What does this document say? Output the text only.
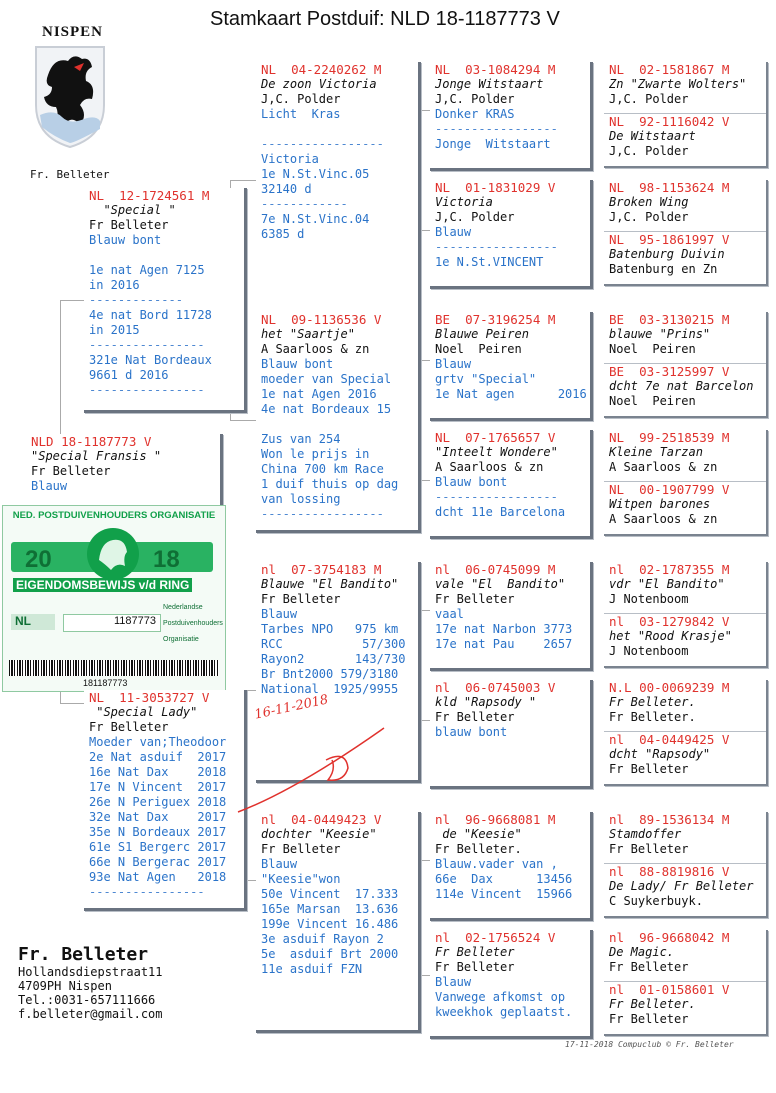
Stamkaart Postduif: NLD 18-1187773 V
NISPEN
Fr. Belleter
NLD 18-1187773 V
"Special Fransis "
Fr Belleter
Blauw
NED. POSTDUIVENHOUDERS ORGANISATIE
20	18
EIGENDOMSBEWIJS v/d RING
NL	1187773
Nederlandse
Postduivenhouders
Organisatie
181187773
NL  12-1724561 M
"Special "
Fr Belleter
Blauw bont
1e nat Agen 7125
in 2016
-------------
4e nat Bord 11728
in 2015
----------------
321e Nat Bordeaux
9661 d 2016
----------------
NL  11-3053727 V
"Special Lady"
Fr Belleter
Moeder van;Theodoor
2e Nat asduif  2017
16e Nat Dax    2018
17e N Vincent  2017
26e N Periguex 2018
32e Nat Dax    2017
35e N Bordeaux 2017
61e S1 Bergerc 2017
66e N Bergerac 2017
93e Nat Agen   2018
----------------
NL  04-2240262 M
De zoon Victoria
J,C. Polder
Licht  Kras
-----------------
Victoria
1e N.St.Vinc.05
32140 d
------------
7e N.St.Vinc.04
6385 d
NL  09-1136536 V
het "Saartje"
A Saarloos & zn
Blauw bont
moeder van Special
1e nat Agen 2016
4e nat Bordeaux 15
Zus van 254
Won le prijs in
China 700 km Race
1 duif thuis op dag
van lossing
-----------------
nl  07-3754183 M
Blauwe "El Bandito"
Fr Belleter
Blauw
Tarbes NPO   975 km
RCC           57/300
Rayon2       143/730
Br Bnt2000 579/3180
National  1925/9955
nl  04-0449423 V
dochter "Keesie"
Fr Belleter
Blauw
"Keesie"won
50e Vincent  17.333
165e Marsan  13.636
199e Vincent 16.486
3e asduif Rayon 2
5e  asduif Brt 2000
11e asduif FZN
NL  03-1084294 M
Jonge Witstaart
J,C. Polder
Donker KRAS
-----------------
Jonge  Witstaart
NL  01-1831029 V
Victoria
J,C. Polder
Blauw
-----------------
1e N.St.VINCENT
BE  07-3196254 M
Blauwe Peiren
Noel  Peiren
Blauw
grtv "Special"
1e Nat agen      2016
NL  07-1765657 V
"Inteelt Wondere"
A Saarloos & zn
Blauw bont
-----------------
dcht 11e Barcelona
nl  06-0745099 M
vale "El  Bandito"
Fr Belleter
vaal
17e nat Narbon 3773
17e nat Pau    2657
nl  06-0745003 V
kld "Rapsody "
Fr Belleter
blauw bont
nl  96-9668081 M
de "Keesie"
Fr Belleter.
Blauw.vader van ,
66e  Dax      13456
114e Vincent  15966
nl  02-1756524 V
Fr Belleter
Fr Belleter
Blauw
Vanwege afkomst op
kweekhok geplaatst.
NL  02-1581867 M
Zn "Zwarte Wolters"
J,C. Polder
NL  92-1116042 V
De Witstaart
J,C. Polder
NL  98-1153624 M
Broken Wing
J,C. Polder
NL  95-1861997 V
Batenburg Duivin
Batenburg en Zn
BE  03-3130215 M
blauwe "Prins"
Noel  Peiren
BE  03-3125997 V
dcht 7e nat Barcelon
Noel  Peiren
NL  99-2518539 M
Kleine Tarzan
A Saarloos & zn
NL  00-1907799 V
Witpen barones
A Saarloos & zn
nl  02-1787355 M
vdr "El Bandito"
J Notenboom
nl  03-1279842 V
het "Rood Krasje"
J Notenboom
N.L 00-0069239 M
Fr Belleter.
Fr Belleter.
nl  04-0449425 V
dcht "Rapsody"
Fr Belleter
nl  89-1536134 M
Stamdoffer
Fr Belleter
nl  88-8819816 V
De Lady/ Fr Belleter
C Suykerbuyk.
nl  96-9668042 M
De Magic.
Fr Belleter
nl  01-0158601 V
Fr Belleter.
Fr Belleter
16-11-2018
Fr. Belleter
Hollandsdiepstraat11
4709PH Nispen
Tel.:0031-657111666
f.belleter@gmail.com
17-11-2018 Compuclub © Fr. Belleter
